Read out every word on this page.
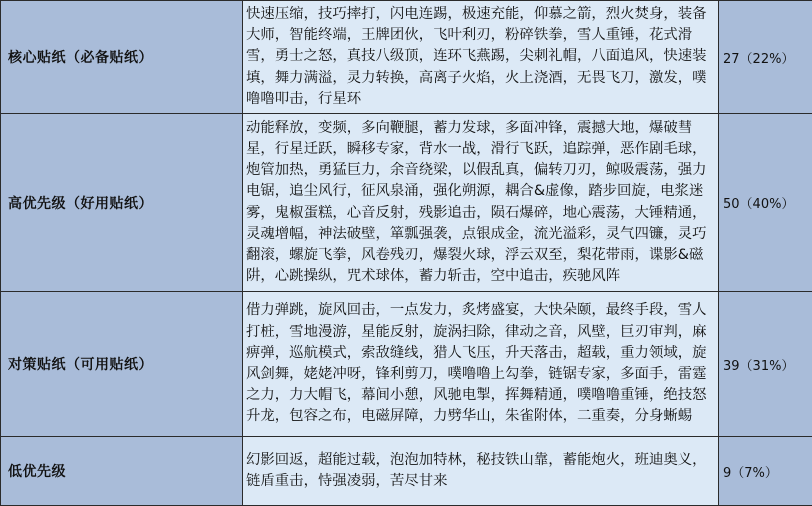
核心贴纸（必备贴纸）	快速压缩，技巧摔打，闪电连踢，极速充能，仰慕之箭，烈火焚身，装备大师，智能终端，王牌团伙，飞叶利刃，粉碎铁拳，雪人重锤，花式滑雪，勇士之怒，真技八级顶，连环飞燕踢，尖刺礼帽，八面追风，快速装填，舞力满溢，灵力转换，高离子火焰，火上浇酒，无畏飞刀，激发，噗噜噜叩击，行星环	27（22%）
高优先级（好用贴纸）	动能释放，变频，多向鞭腿，蓄力发球，多面冲锋，震撼大地，爆破彗星，行星迁跃，瞬移专家，背水一战，滑行飞跃，追踪弹，恶作剧毛球，炮管加热，勇猛巨力，余音绕梁，以假乱真，偏转刀刃，鲸吸震荡，强力电锯，追尘风行，征风泉涌，强化朔源，耦合&虚像，踏步回旋，电浆迷雾，鬼椒蛋糕，心音反射，残影追击，陨石爆碎，地心震荡，大锤精通，灵魂增幅，神法破壁，箪瓢强袭，点银成金，流光溢彩，灵气四镰，灵巧翻滚，螺旋飞拳，风卷残刃，爆裂火球，浮云双至，梨花带雨，谍影&磁阱，心跳操纵，咒术球体，蓄力斩击，空中追击，疾驰风阵	50（40%）
对策贴纸（可用贴纸）	借力弹跳，旋风回击，一点发力，炙烤盛宴，大快朵颐，最终手段，雪人打桩，雪地漫游，星能反射，旋涡扫除，律动之音，风壁，巨刃审判，麻痹弹，巡航模式，索敌缝线，猎人飞压，升天落击，超载，重力领域，旋风剑舞，姥姥冲呀，锋利剪刀，噗噜噜上勾拳，链锯专家，多面手，雷霆之力，力大帽飞，幕间小憩，风驰电掣，挥舞精通，噗噜噜重锤，绝技怒升龙，包容之布，电磁屏障，力劈华山，朱雀附体，二重奏，分身蜥蜴	39（31%）
低优先级	幻影回返，超能过载，泡泡加特林，秘技铁山靠，蓄能炮火，班迪奥义，链盾重击，恃强凌弱，苦尽甘来	9（7%）
